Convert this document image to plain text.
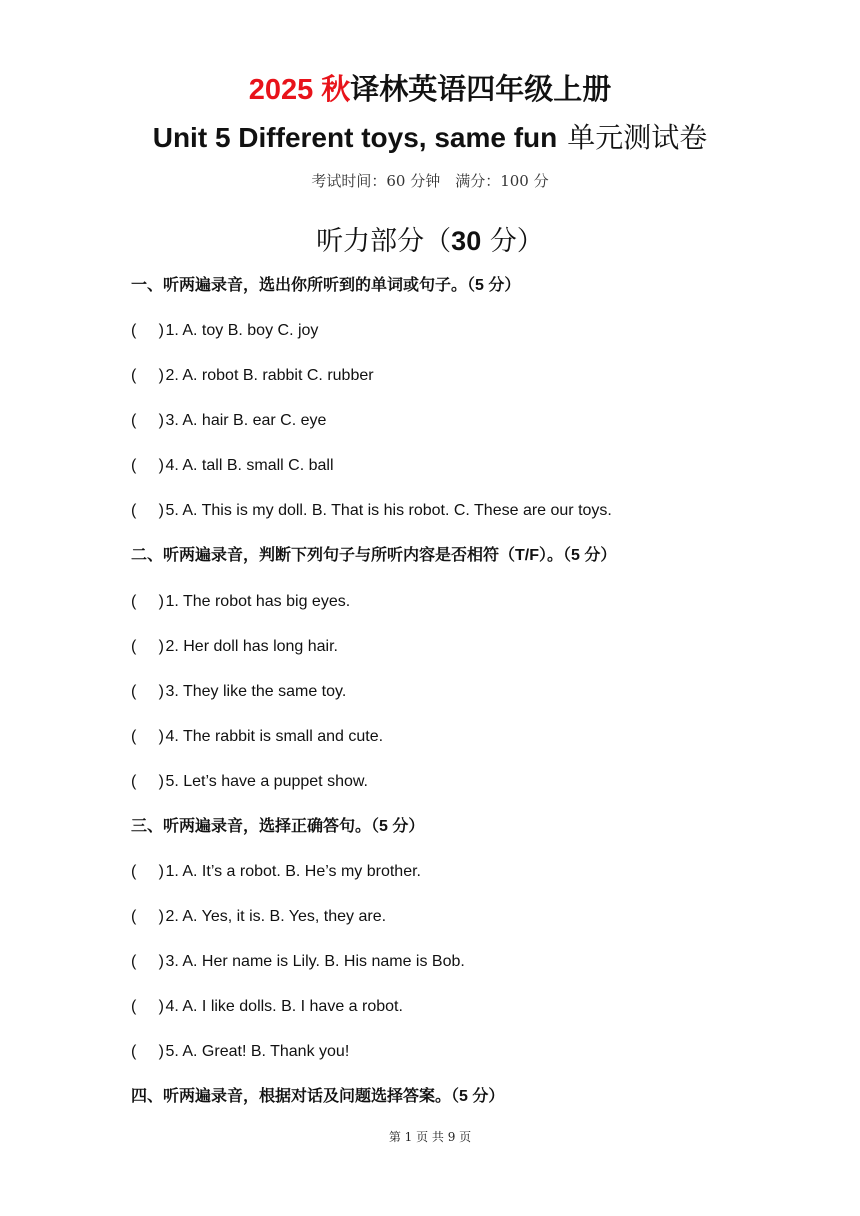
2025 秋译林英语四年级上册
Unit 5 Different toys, same fun 单元测试卷
考试时间：60 分钟　满分：100 分
听力部分（30 分）
一、听两遍录音，选出你所听到的单词或句子。（5 分）
( ) 1. A. toy B. boy C. joy
( ) 2. A. robot B. rabbit C. rubber
( ) 3. A. hair B. ear C. eye
( ) 4. A. tall B. small C. ball
( ) 5. A. This is my doll. B. That is his robot. C. These are our toys.
二、听两遍录音，判断下列句子与所听内容是否相符（T/F）。（5 分）
( ) 1. The robot has big eyes.
( ) 2. Her doll has long hair.
( ) 3. They like the same toy.
( ) 4. The rabbit is small and cute.
( ) 5. Let’s have a puppet show.
三、听两遍录音，选择正确答句。（5 分）
( ) 1. A. It’s a robot. B. He’s my brother.
( ) 2. A. Yes, it is. B. Yes, they are.
( ) 3. A. Her name is Lily. B. His name is Bob.
( ) 4. A. I like dolls. B. I have a robot.
( ) 5. A. Great! B. Thank you!
四、听两遍录音，根据对话及问题选择答案。（5 分）
第 1 页 共 9 页
